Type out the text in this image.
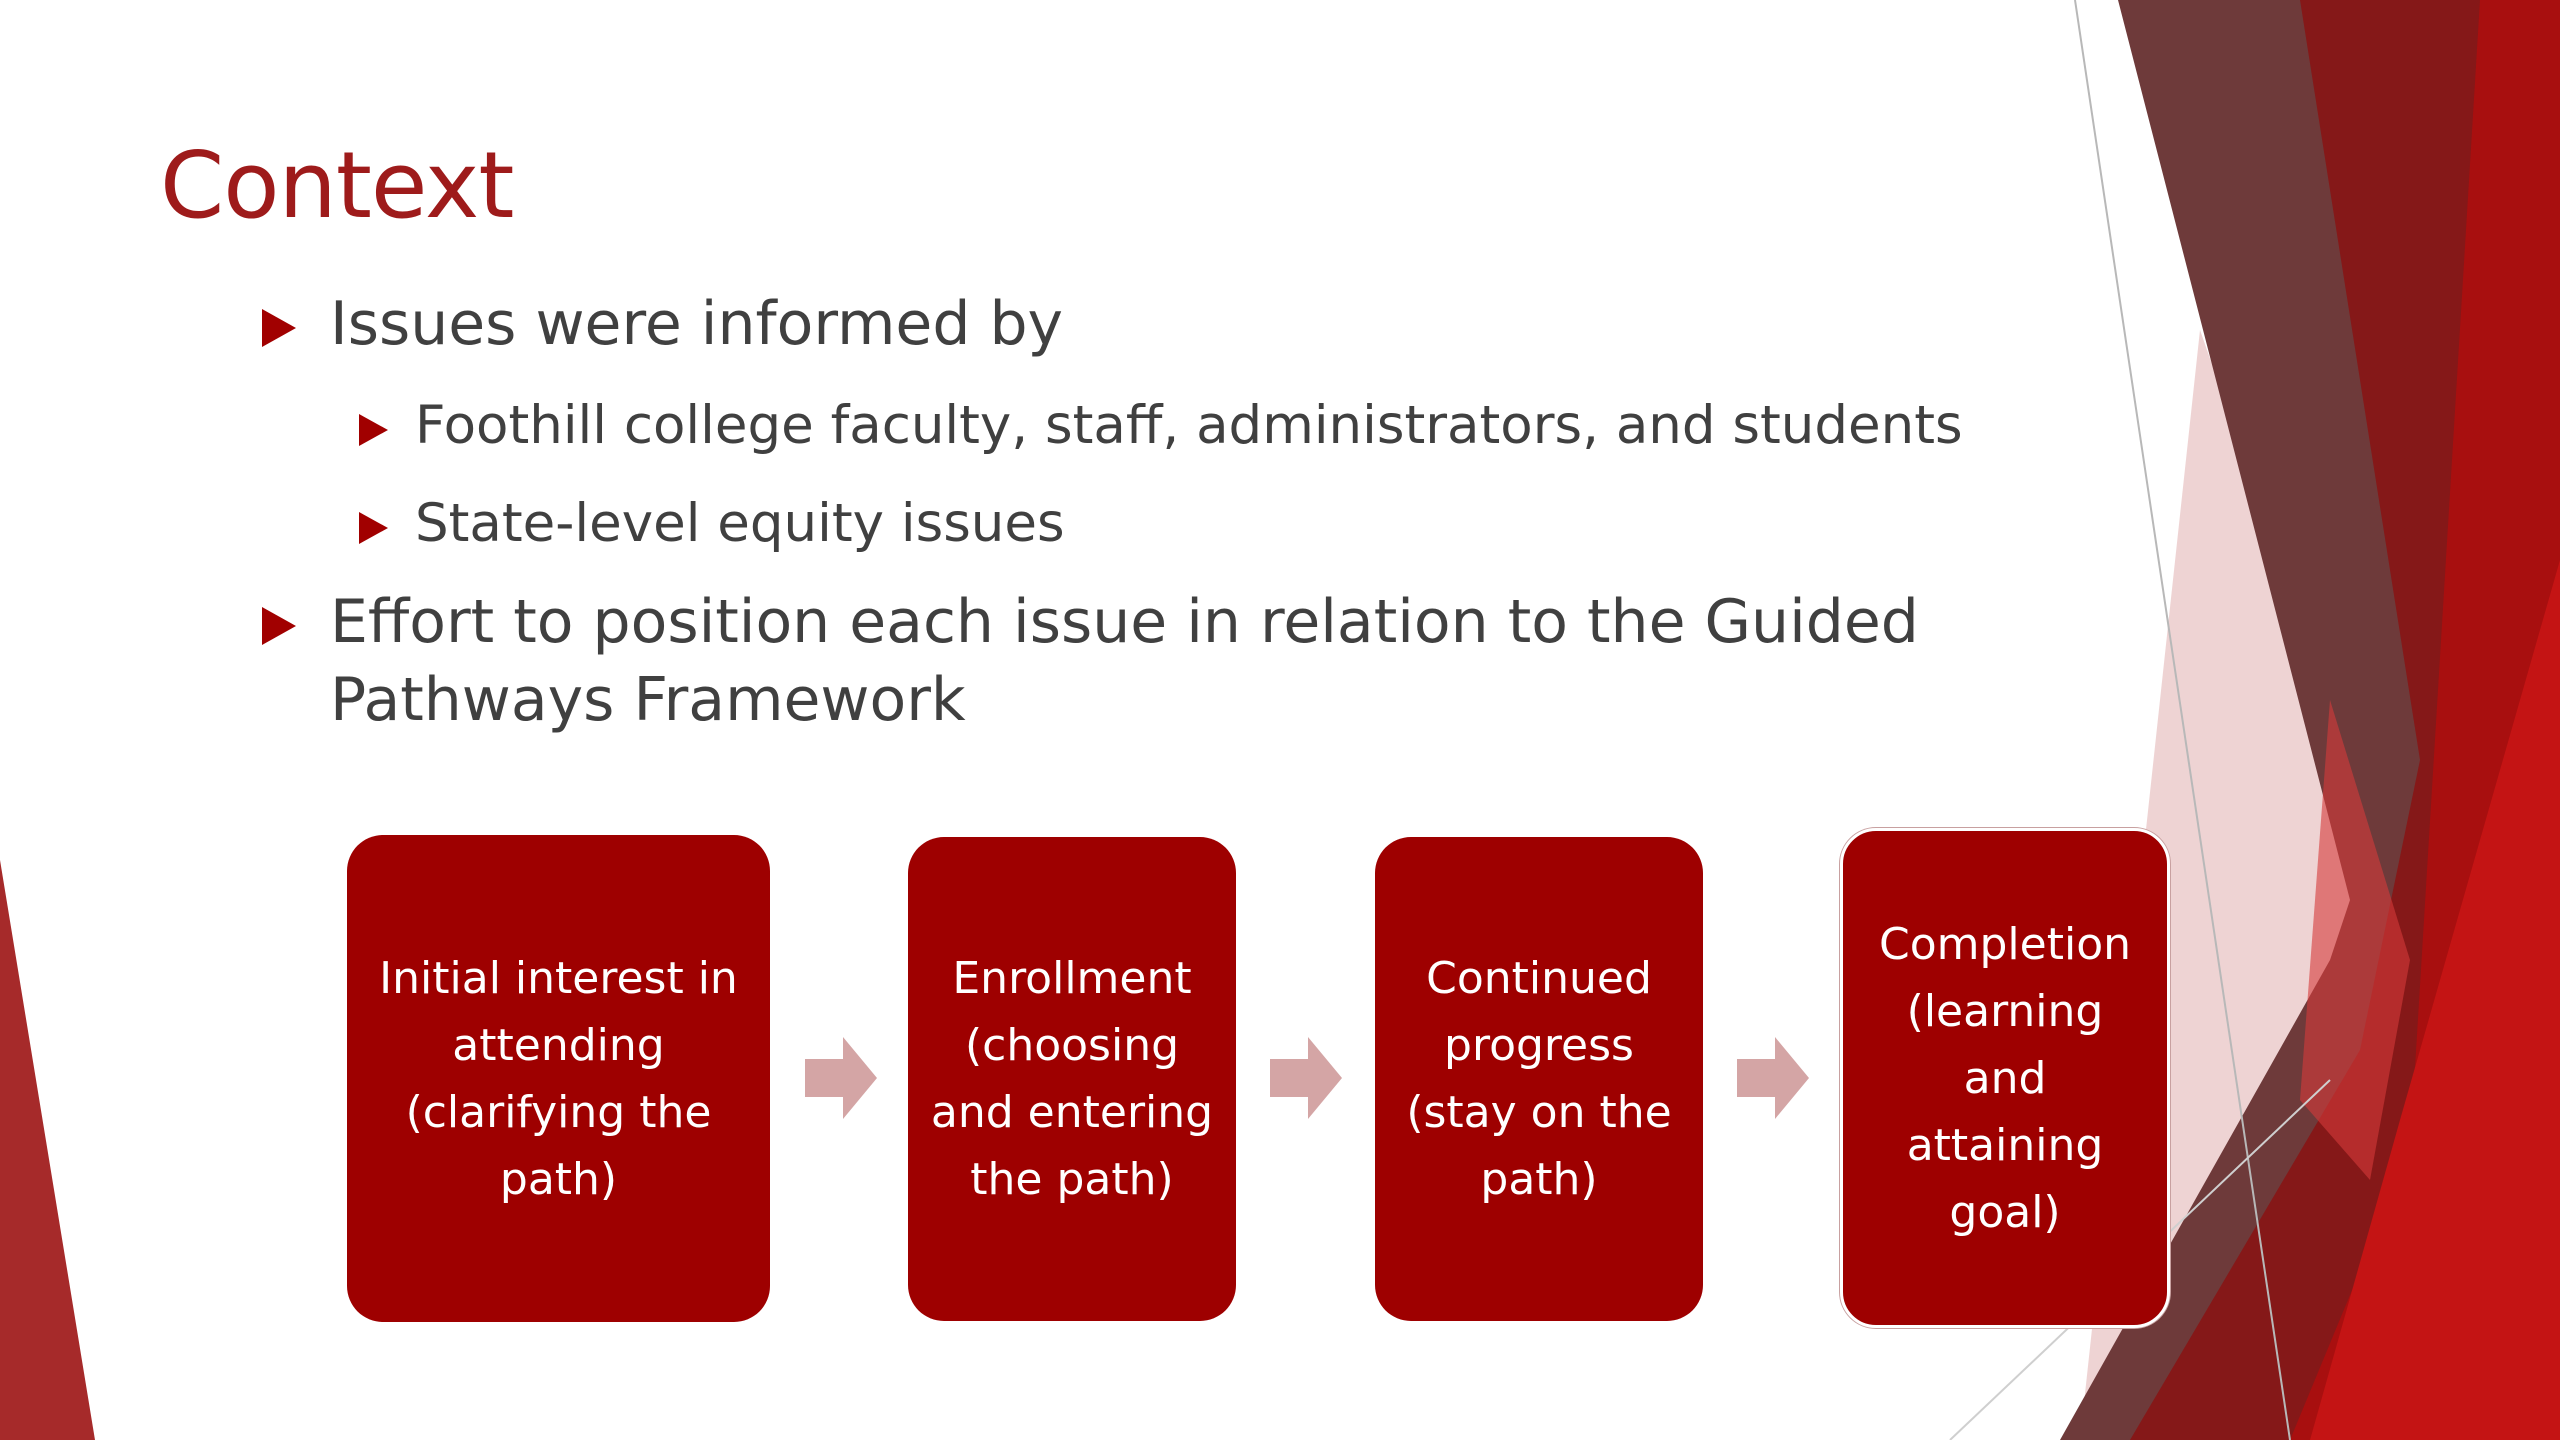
Context
Issues were informed by
Foothill college faculty, staff, administrators, and students
State-level equity issues
Effort to position each issue in relation to the Guided Pathways Framework
Initial interest in attending (clarifying the path)
Enrollment (choosing and entering the path)
Continued progress (stay on the path)
Completion (learning and attaining goal)
